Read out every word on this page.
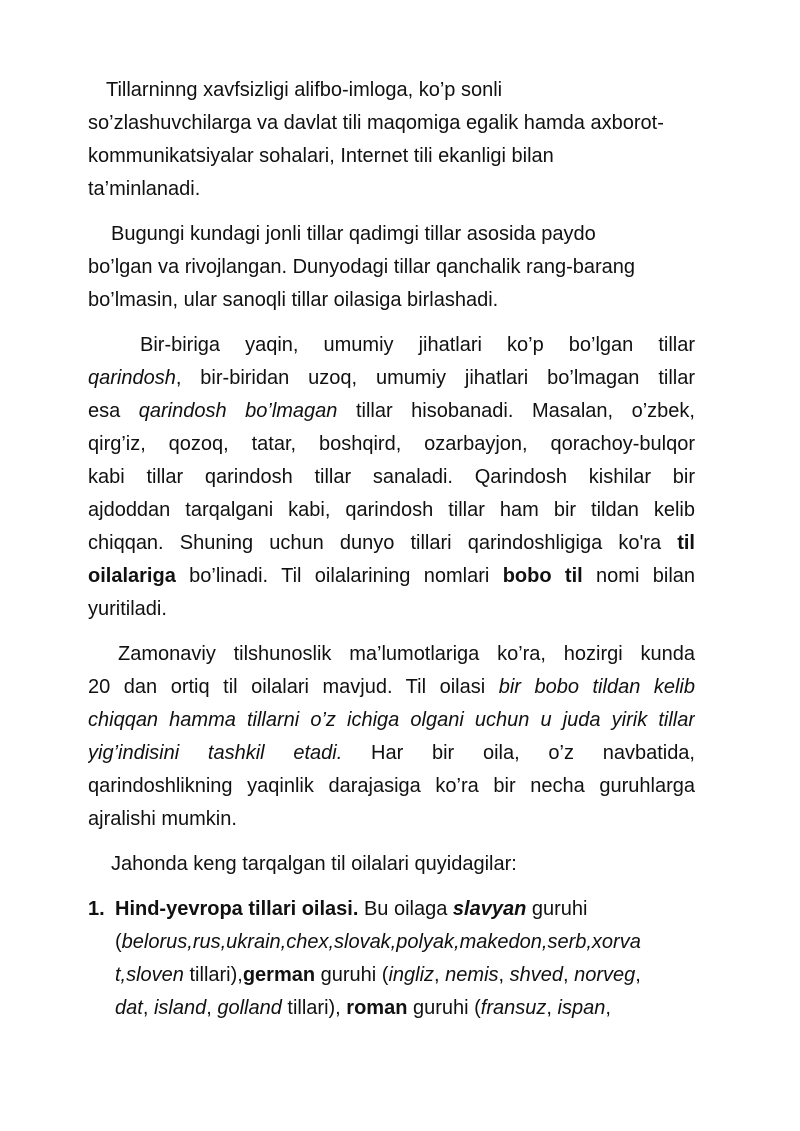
Tillarninng xavfsizligi alifbo-imloga, ko’p sonli
so’zlashuvchilarga va davlat tili maqomiga egalik hamda axborot-
kommunikatsiyalar sohalari, Internet tili ekanligi bilan
ta’minlanadi.
Bugungi kundagi jonli tillar qadimgi tillar asosida paydo
bo’lgan va rivojlangan. Dunyodagi tillar qanchalik rang-barang
bo’lmasin, ular sanoqli tillar oilasiga birlashadi.
Bir-biriga yaqin, umumiy jihatlari ko’p bo’lgan tillar
qarindosh, bir-biridan uzoq, umumiy jihatlari bo’lmagan tillar
esa qarindosh bo’lmagan tillar hisobanadi. Masalan, o’zbek,
qirg’iz, qozoq, tatar, boshqird, ozarbayjon, qorachoy-bulqor
kabi tillar qarindosh tillar sanaladi. Qarindosh kishilar bir
ajdoddan tarqalgani kabi, qarindosh tillar ham bir tildan kelib
chiqqan. Shuning uchun dunyo tillari qarindoshligiga ko'ra til
oilalariga bo’linadi. Til oilalarining nomlari bobo til nomi bilan
yuritiladi.
Zamonaviy tilshunoslik ma’lumotlariga ko’ra, hozirgi kunda
20 dan ortiq til oilalari mavjud. Til oilasi bir bobo tildan kelib
chiqqan hamma tillarni o’z ichiga olgani uchun u juda yirik tillar
yig’indisini tashkil etadi. Har bir oila, o’z navbatida,
qarindoshlikning yaqinlik darajasiga ko’ra bir necha guruhlarga
ajralishi mumkin.
Jahonda keng tarqalgan til oilalari quyidagilar:
1. Hind-yevropa tillari oilasi. Bu oilaga slavyan guruhi
(belorus,rus,ukrain,chex,slovak,polyak,makedon,serb,xorva
t,sloven tillari),german guruhi (ingliz, nemis, shved, norveg,
dat, island, golland tillari), roman guruhi (fransuz, ispan,
